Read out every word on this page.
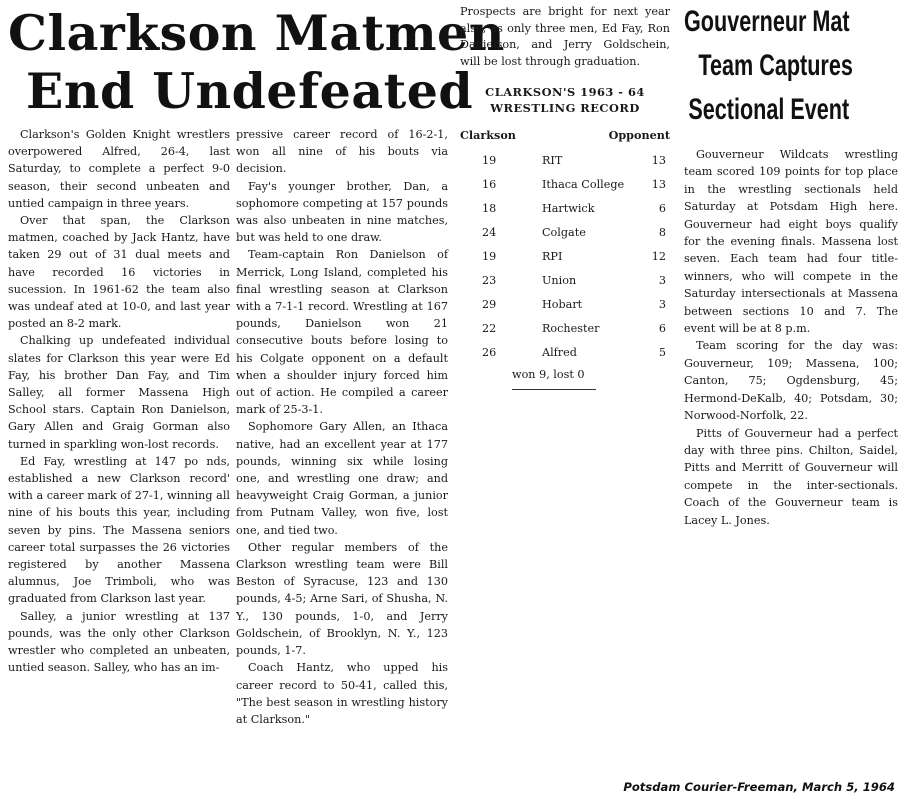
Clarkson Matmen
End Undefeated

Clarkson's Golden Knight wrestlers overpowered Alfred, 26-4, last Saturday, to complete a perfect 9-0 season, their second unbeaten and untied campaign in three years.

Over that span, the Clarkson matmen, coached by Jack Hantz, have taken 29 out of 31 dual meets and have recorded 16 victories in sucession. In 1961-62 the team also was undeaf ated at 10-0, and last year posted an 8-2 mark.

Chalking up undefeated individual slates for Clarkson this year were Ed Fay, his brother Dan Fay, and Tim Salley, all former Massena High School stars. Captain Ron Danielson, Gary Allen and Graig Gorman also turned in sparkling won-lost records.

Ed Fay, wrestling at 147 po nds, established a new Clarkson record' with a career mark of 27-1, winning all nine of his bouts this year, including seven by pins. The Massena seniors career total surpasses the 26 victories registered by another Massena alumnus, Joe Trimboli, who was graduated from Clarkson last year.

Salley, a junior wrestling at 137 pounds, was the only other Clarkson wrestler who completed an unbeaten, untied season. Salley, who has an im-

pressive career record of 16-2-1, won all nine of his bouts via decision.

Fay's younger brother, Dan, a sophomore competing at 157 pounds was also unbeaten in nine matches, but was held to one draw.

Team-captain Ron Danielson of Merrick, Long Island, completed his final wrestling season at Clarkson with a 7-1-1 record. Wrestling at 167 pounds, Danielson won 21 consecutive bouts before losing to his Colgate opponent on a default when a shoulder injury forced him out of action. He compiled a career mark of 25-3-1.

Sophomore Gary Allen, an Ithaca native, had an excellent year at 177 pounds, winning six while losing one, and wrestling one draw; and heavyweight Craig Gorman, a junior from Putnam Valley, won five, lost one, and tied two.

Other regular members of the Clarkson wrestling team were Bill Beston of Syracuse, 123 and 130 pounds, 4-5; Arne Sari, of Shusha, N. Y., 130 pounds, 1-0, and Jerry Goldschein, of Brooklyn, N. Y., 123 pounds, 1-7.

Coach Hantz, who upped his career record to 50-41, called this, "The best season in wrestling history at Clarkson."

Prospects are bright for next year also, as only three men, Ed Fay, Ron Danielson, and Jerry Goldschein, will be lost through graduation.

CLARKSON'S 1963 - 64
WRESTLING RECORD
Clarkson	Opponent
19	RIT	13
16	Ithaca College	13
18	Hartwick	6
24	Colgate	8
19	RPI	12
23	Union	3
29	Hobart	3
22	Rochester	6
26	Alfred	5
won 9, lost 0
Gouverneur Mat
Team Captures
Sectional Event

Gouverneur Wildcats wrestling team scored 109 points for top place in the wrestling sectionals held Saturday at Potsdam High here. Gouverneur had eight boys qualify for the evening finals. Massena lost seven. Each team had four title-winners, who will compete in the Saturday intersectionals at Massena between sections 10 and 7. The event will be at 8 p.m.

Team scoring for the day was: Gouverneur, 109; Massena, 100; Canton, 75; Ogdensburg, 45; Hermond-DeKalb, 40; Potsdam, 30; Norwood-Norfolk, 22.

Pitts of Gouverneur had a perfect day with three pins. Chilton, Saidel, Pitts and Merritt of Gouverneur will compete in the inter-sectionals. Coach of the Gouverneur team is Lacey L. Jones.

Potsdam Courier-Freeman, March 5, 1964
